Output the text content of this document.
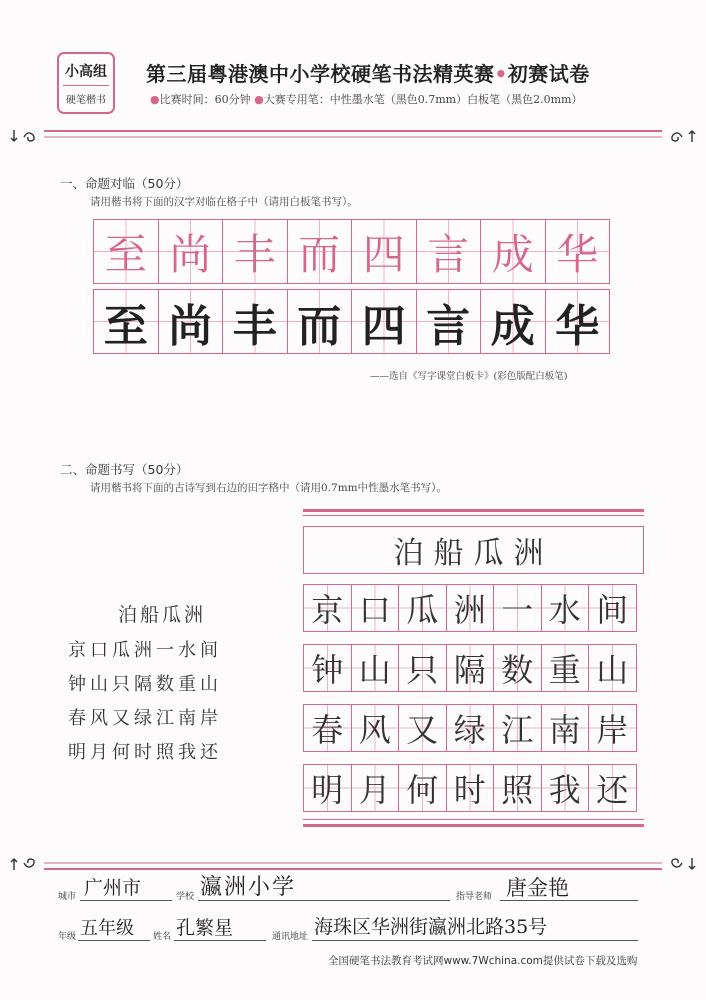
小高组
硬笔楷书
第三届粤港澳中小学校硬笔书法精英赛•初赛试卷
●比赛时间：60分钟 ●大赛专用笔：中性墨水笔（黑色0.7mm）白板笔（黑色2.0mm）
一、命题对临（50分）
请用楷书将下面的汉字对临在格子中（请用白板笔书写）。
至 尚 丰 而 四 言 成 华
至 尚 丰 而 四 言 成 华
——选自《写字课堂白板卡》(彩色版配白板笔)
二、命题书写（50分）
请用楷书将下面的古诗写到右边的田字格中（请用0.7mm中性墨水笔书写）。
泊船瓜洲
京口瓜洲一水间
钟山只隔数重山
春风又绿江南岸
明月何时照我还
泊船瓜洲
京 口 瓜 洲 一 水 间
钟 山 只 隔 数 重 山
春 风 又 绿 江 南 岸
明 月 何 时 照 我 还
城市 广州市	学校 瀛洲小学	指导老师 唐金艳
年级 五年级 姓名 孔繁星	通讯地址 海珠区华洲街瀛洲北路35号
全国硬笔书法教育考试网www.7Wchina.com提供试卷下载及选购
